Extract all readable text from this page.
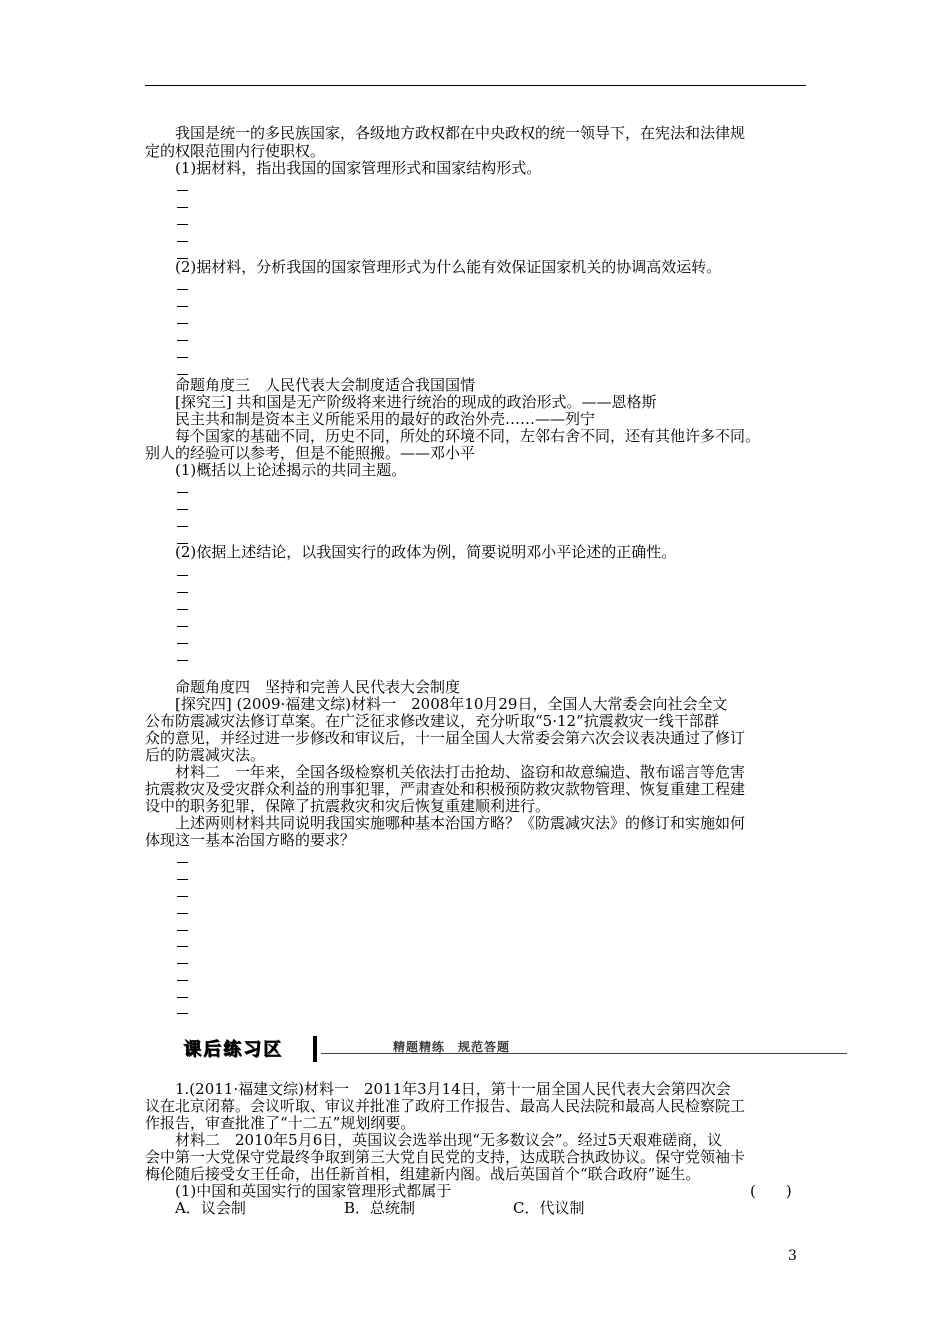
我国是统一的多民族国家，各级地方政权都在中央政权的统一领导下，在宪法和法律规
定的权限范围内行使职权。
(1)据材料，指出我国的国家管理形式和国家结构形式。
(2)据材料，分析我国的国家管理形式为什么能有效保证国家机关的协调高效运转。
命题角度三　人民代表大会制度适合我国国情
[探究三] 共和国是无产阶级将来进行统治的现成的政治形式。——恩格斯
民主共和制是资本主义所能采用的最好的政治外壳……——列宁
每个国家的基础不同，历史不同，所处的环境不同，左邻右舍不同，还有其他许多不同。
别人的经验可以参考，但是不能照搬。——邓小平
(1)概括以上论述揭示的共同主题。
(2)依据上述结论，以我国实行的政体为例，简要说明邓小平论述的正确性。
命题角度四　坚持和完善人民代表大会制度
[探究四] (2009·福建文综)材料一　2008年10月29日，全国人大常委会向社会全文
公布防震减灾法修订草案。在广泛征求修改建议，充分听取“5·12”抗震救灾一线干部群
众的意见，并经过进一步修改和审议后，十一届全国人大常委会第六次会议表决通过了修订
后的防震减灾法。
材料二　一年来，全国各级检察机关依法打击抢劫、盗窃和故意编造、散布谣言等危害
抗震救灾及受灾群众利益的刑事犯罪，严肃查处和积极预防救灾款物管理、恢复重建工程建
设中的职务犯罪，保障了抗震救灾和灾后恢复重建顺利进行。
上述两则材料共同说明我国实施哪种基本治国方略？《防震减灾法》的修订和实施如何
体现这一基本治国方略的要求？
课后练习区	精题精练　规范答题
1.(2011·福建文综)材料一　2011年3月14日，第十一届全国人民代表大会第四次会
议在北京闭幕。会议听取、审议并批准了政府工作报告、最高人民法院和最高人民检察院工
作报告，审查批准了“十二五”规划纲要。
材料二　2010年5月6日，英国议会选举出现“无多数议会”。经过5天艰难磋商，议
会中第一大党保守党最终争取到第三大党自民党的支持，达成联合执政协议。保守党领袖卡
梅伦随后接受女王任命，出任新首相，组建新内阁。战后英国首个“联合政府”诞生。
(1)中国和英国实行的国家管理形式都属于	(　　)
A．议会制	B．总统制	C．代议制
3
